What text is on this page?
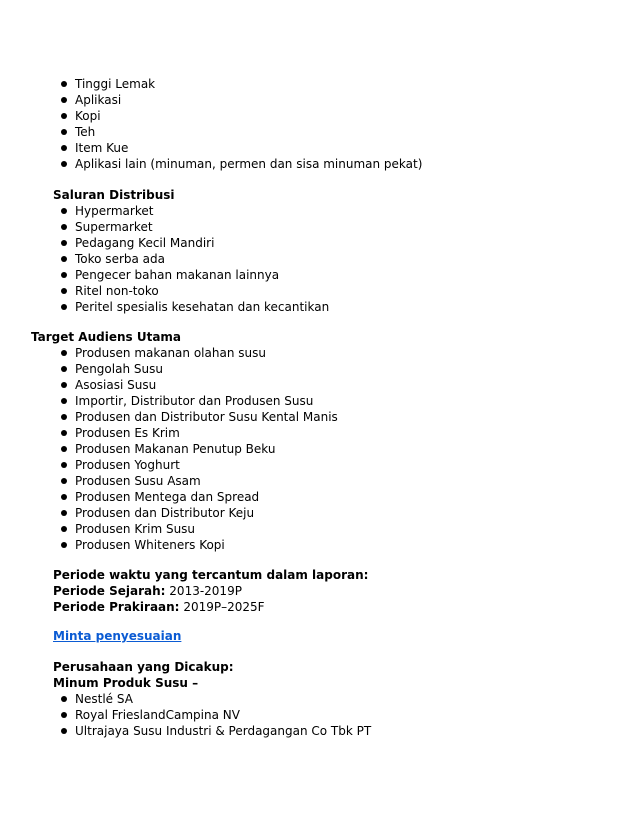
Tinggi Lemak
Aplikasi
Kopi
Teh
Item Kue
Aplikasi lain (minuman, permen dan sisa minuman pekat)
Saluran Distribusi
Hypermarket
Supermarket
Pedagang Kecil Mandiri
Toko serba ada
Pengecer bahan makanan lainnya
Ritel non-toko
Peritel spesialis kesehatan dan kecantikan
Target Audiens Utama
Produsen makanan olahan susu
Pengolah Susu
Asosiasi Susu
Importir, Distributor dan Produsen Susu
Produsen dan Distributor Susu Kental Manis
Produsen Es Krim
Produsen Makanan Penutup Beku
Produsen Yoghurt
Produsen Susu Asam
Produsen Mentega dan Spread
Produsen dan Distributor Keju
Produsen Krim Susu
Produsen Whiteners Kopi
Periode waktu yang tercantum dalam laporan:
Periode Sejarah: 2013-2019P
Periode Prakiraan: 2019P–2025F
Minta penyesuaian
Perusahaan yang Dicakup:
Minum Produk Susu –
Nestlé SA
Royal FrieslandCampina NV
Ultrajaya Susu Industri & Perdagangan Co Tbk PT
